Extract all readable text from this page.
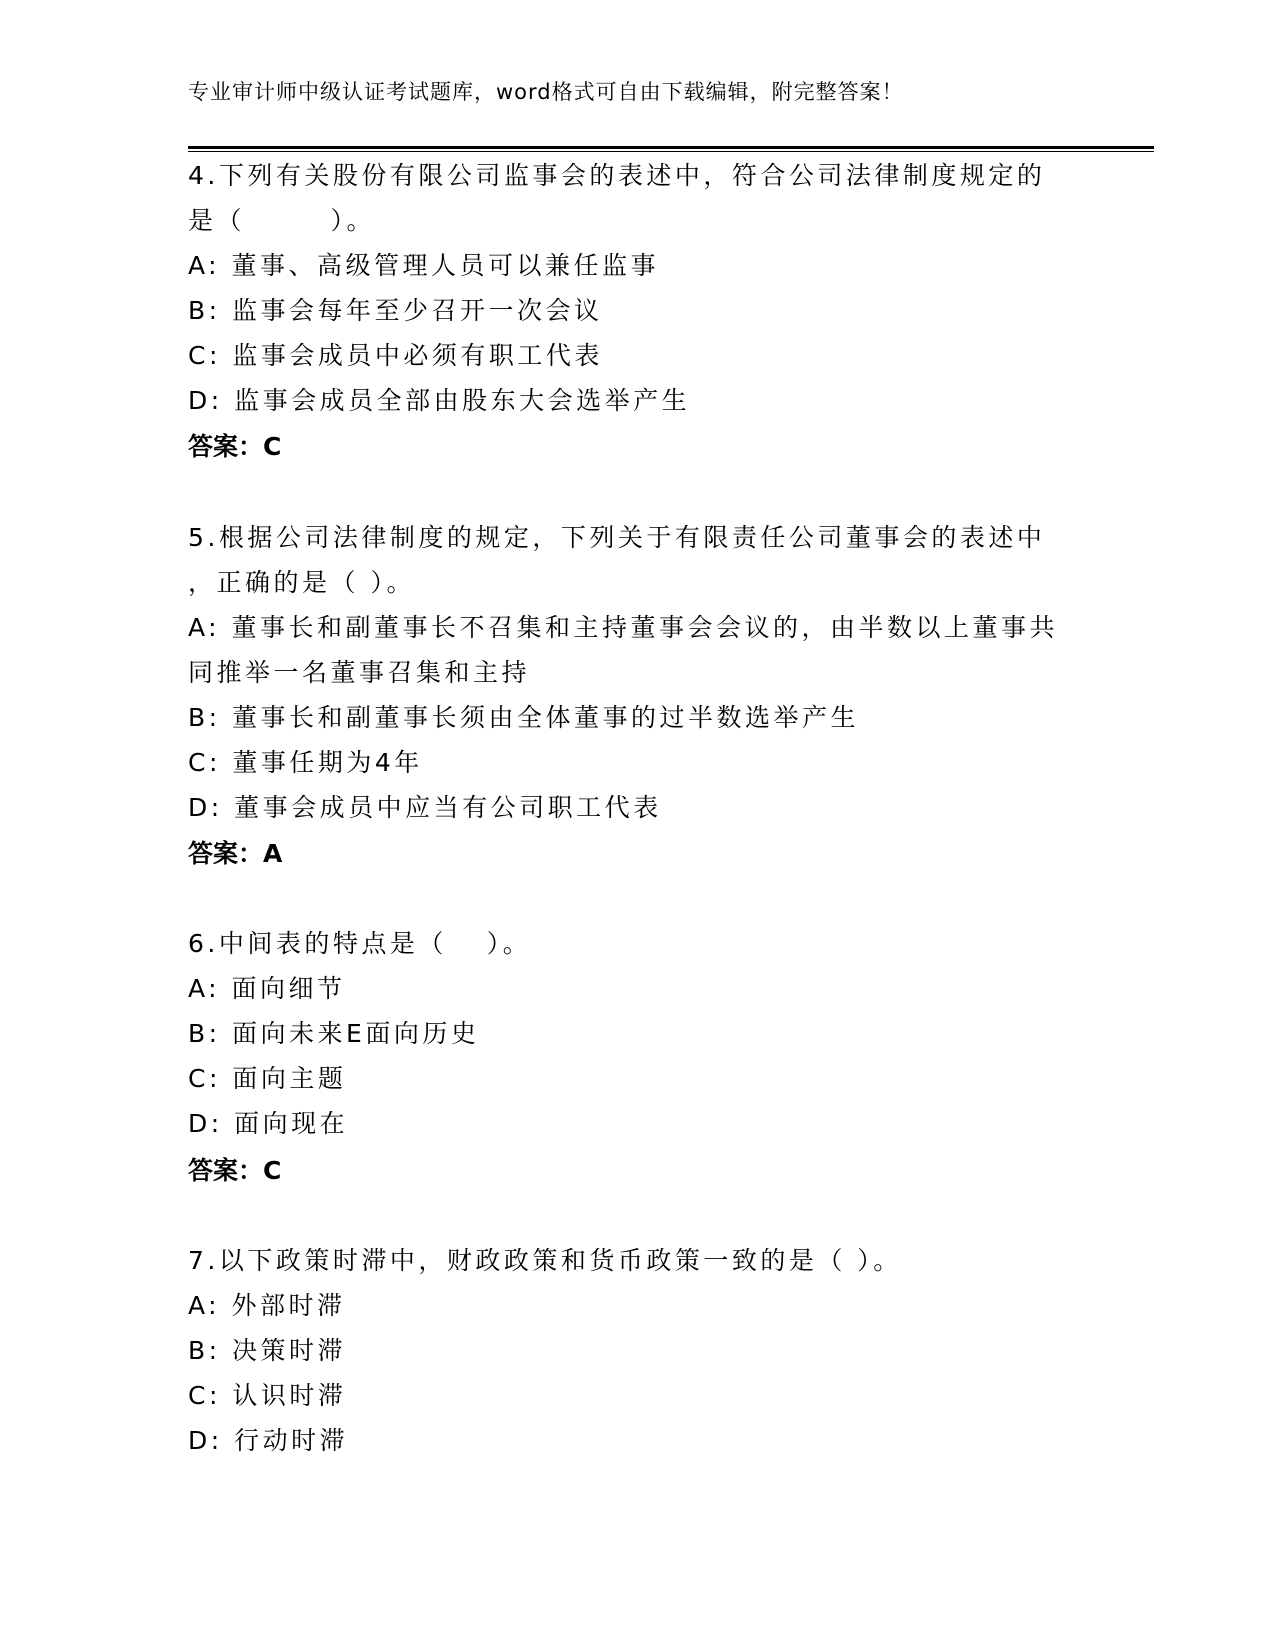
专业审计师中级认证考试题库，word格式可自由下载编辑，附完整答案！
4.下列有关股份有限公司监事会的表述中，符合公司法律制度规定的
是（　　　）。
A: 董事、高级管理人员可以兼任监事
B: 监事会每年至少召开一次会议
C: 监事会成员中必须有职工代表
D: 监事会成员全部由股东大会选举产生
答案：C
5.根据公司法律制度的规定，下列关于有限责任公司董事会的表述中
，正确的是（ ）。
A: 董事长和副董事长不召集和主持董事会会议的，由半数以上董事共
同推举一名董事召集和主持
B: 董事长和副董事长须由全体董事的过半数选举产生
C: 董事任期为4年
D: 董事会成员中应当有公司职工代表
答案：A
6.中间表的特点是（　 ）。
A: 面向细节
B: 面向未来E面向历史
C: 面向主题
D: 面向现在
答案：C
7.以下政策时滞中，财政政策和货币政策一致的是（ ）。
A: 外部时滞
B: 决策时滞
C: 认识时滞
D: 行动时滞
